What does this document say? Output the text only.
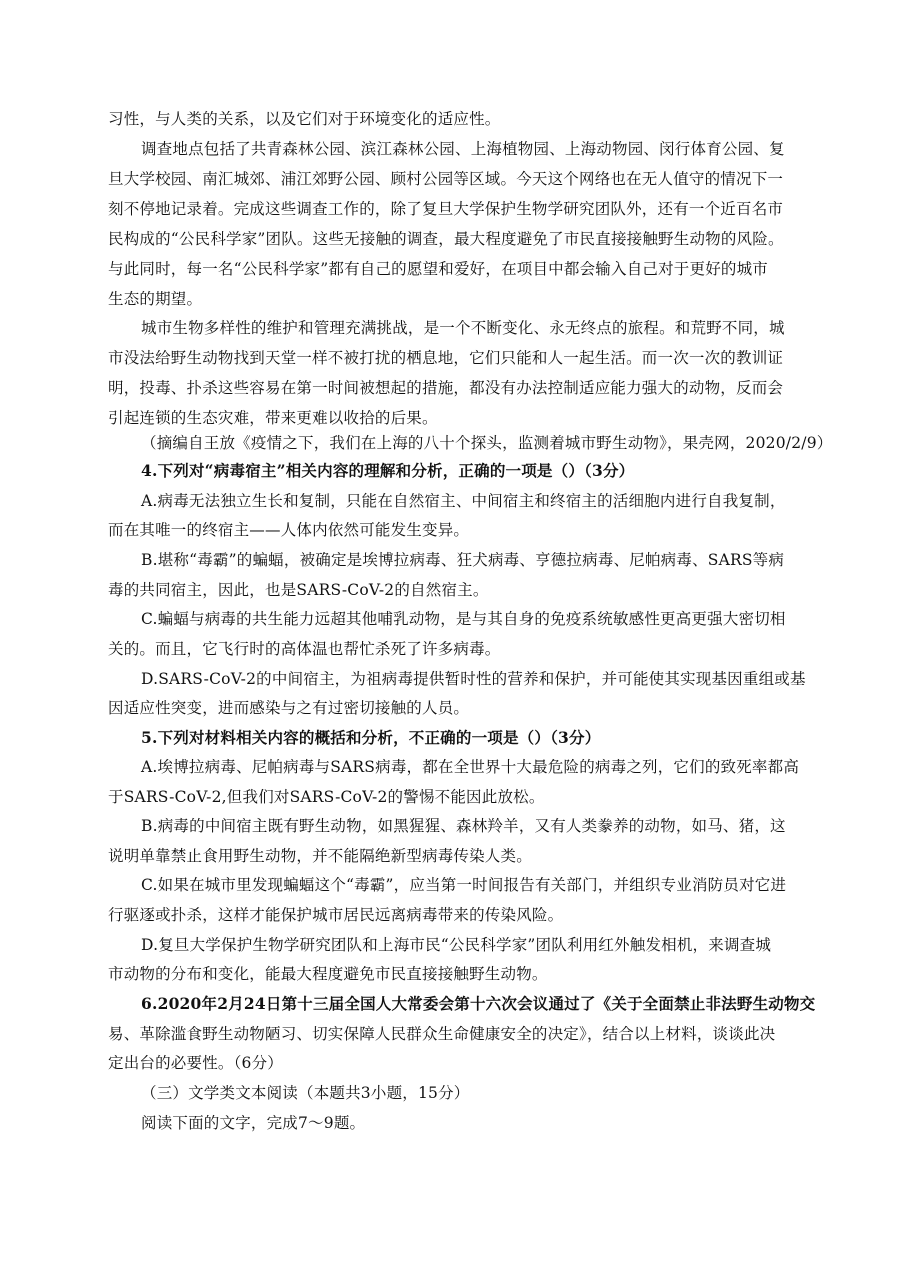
习性，与人类的关系，以及它们对于环境变化的适应性。
调查地点包括了共青森林公园、滨江森林公园、上海植物园、上海动物园、闵行体育公园、复
旦大学校园、南汇城郊、浦江郊野公园、顾村公园等区域。今天这个网络也在无人值守的情况下一
刻不停地记录着。完成这些调查工作的，除了复旦大学保护生物学研究团队外，还有一个近百名市
民构成的“公民科学家”团队。这些无接触的调查，最大程度避免了市民直接接触野生动物的风险。
与此同时，每一名“公民科学家”都有自己的愿望和爱好，在项目中都会输入自己对于更好的城市
生态的期望。
城市生物多样性的维护和管理充满挑战，是一个不断变化、永无终点的旅程。和荒野不同，城
市没法给野生动物找到天堂一样不被打扰的栖息地，它们只能和人一起生活。而一次一次的教训证
明，投毒、扑杀这些容易在第一时间被想起的措施，都没有办法控制适应能力强大的动物，反而会
引起连锁的生态灾难，带来更难以收拾的后果。
（摘编自王放《疫情之下，我们在上海的八十个探头，监测着城市野生动物》，果壳网，2020/2/9）
4.下列对“病毒宿主”相关内容的理解和分析，正确的一项是（）（3分）
A.病毒无法独立生长和复制，只能在自然宿主、中间宿主和终宿主的活细胞内进行自我复制，
而在其唯一的终宿主——人体内依然可能发生变异。
B.堪称“毒霸”的蝙蝠，被确定是埃博拉病毒、狂犬病毒、亨德拉病毒、尼帕病毒、SARS等病
毒的共同宿主，因此，也是SARS-CoV-2的自然宿主。
C.蝙蝠与病毒的共生能力远超其他哺乳动物，是与其自身的免疫系统敏感性更高更强大密切相
关的。而且，它飞行时的高体温也帮忙杀死了许多病毒。
D.SARS-CoV-2的中间宿主，为祖病毒提供暂时性的营养和保护，并可能使其实现基因重组或基
因适应性突变，进而感染与之有过密切接触的人员。
5.下列对材料相关内容的概括和分析，不正确的一项是（）（3分）
A.埃博拉病毒、尼帕病毒与SARS病毒，都在全世界十大最危险的病毒之列，它们的致死率都高
于SARS-CoV-2,但我们对SARS-CoV-2的警惕不能因此放松。
B.病毒的中间宿主既有野生动物，如黑猩猩、森林羚羊，又有人类豢养的动物，如马、猪，这
说明单靠禁止食用野生动物，并不能隔绝新型病毒传染人类。
C.如果在城市里发现蝙蝠这个“毒霸”，应当第一时间报告有关部门，并组织专业消防员对它进
行驱逐或扑杀，这样才能保护城市居民远离病毒带来的传染风险。
D.复旦大学保护生物学研究团队和上海市民“公民科学家”团队利用红外触发相机，来调查城
市动物的分布和变化，能最大程度避免市民直接接触野生动物。
6.2020年2月24日第十三届全国人大常委会第十六次会议通过了《关于全面禁止非法野生动物交
易、革除滥食野生动物陋习、切实保障人民群众生命健康安全的决定》，结合以上材料，谈谈此决
定出台的必要性。（6分）
（三）文学类文本阅读（本题共3小题，15分）
阅读下面的文字，完成7～9题。
